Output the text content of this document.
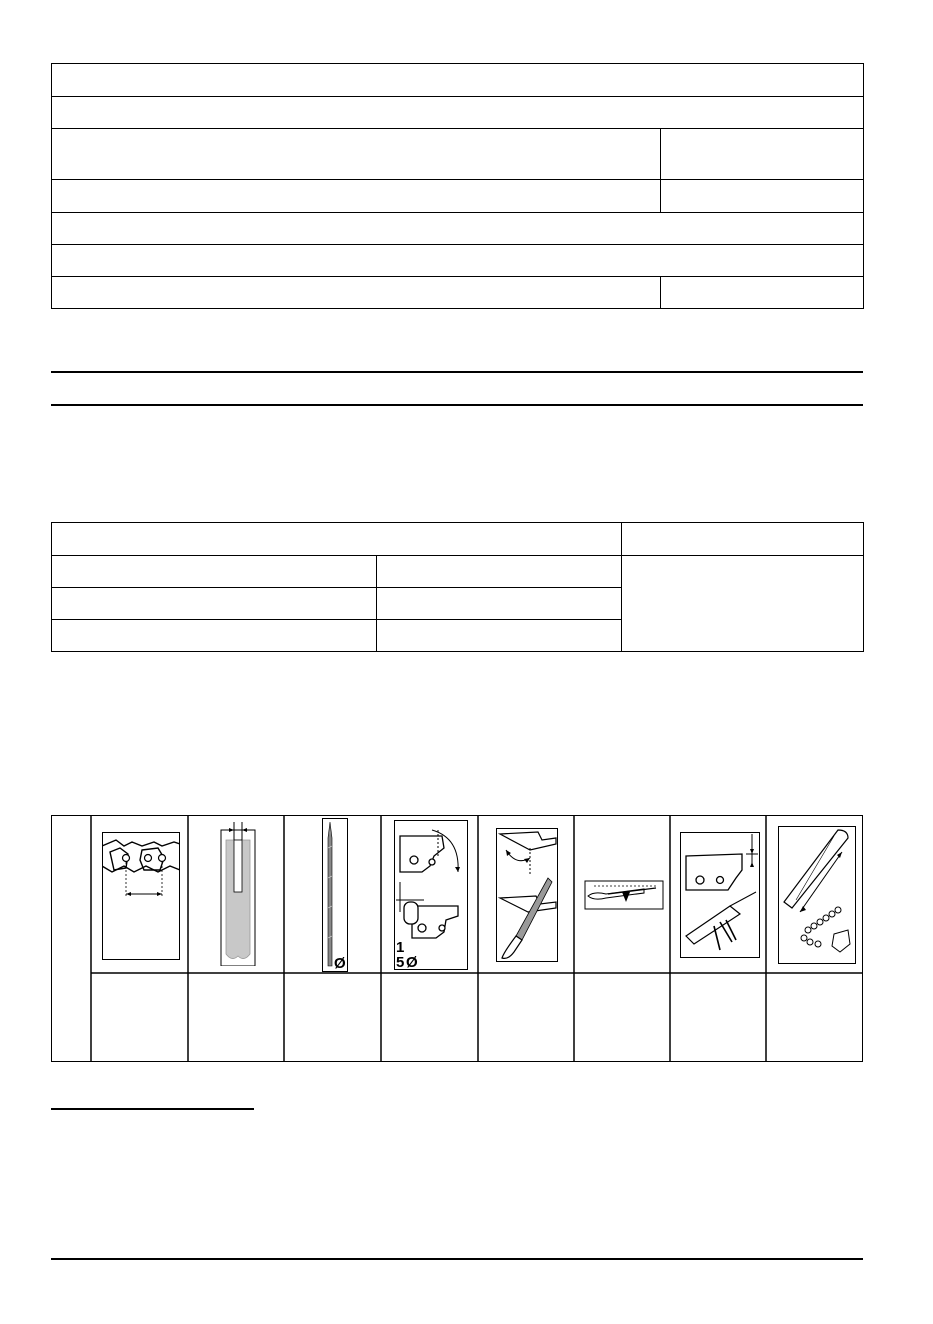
Ø
1
5 Ø
